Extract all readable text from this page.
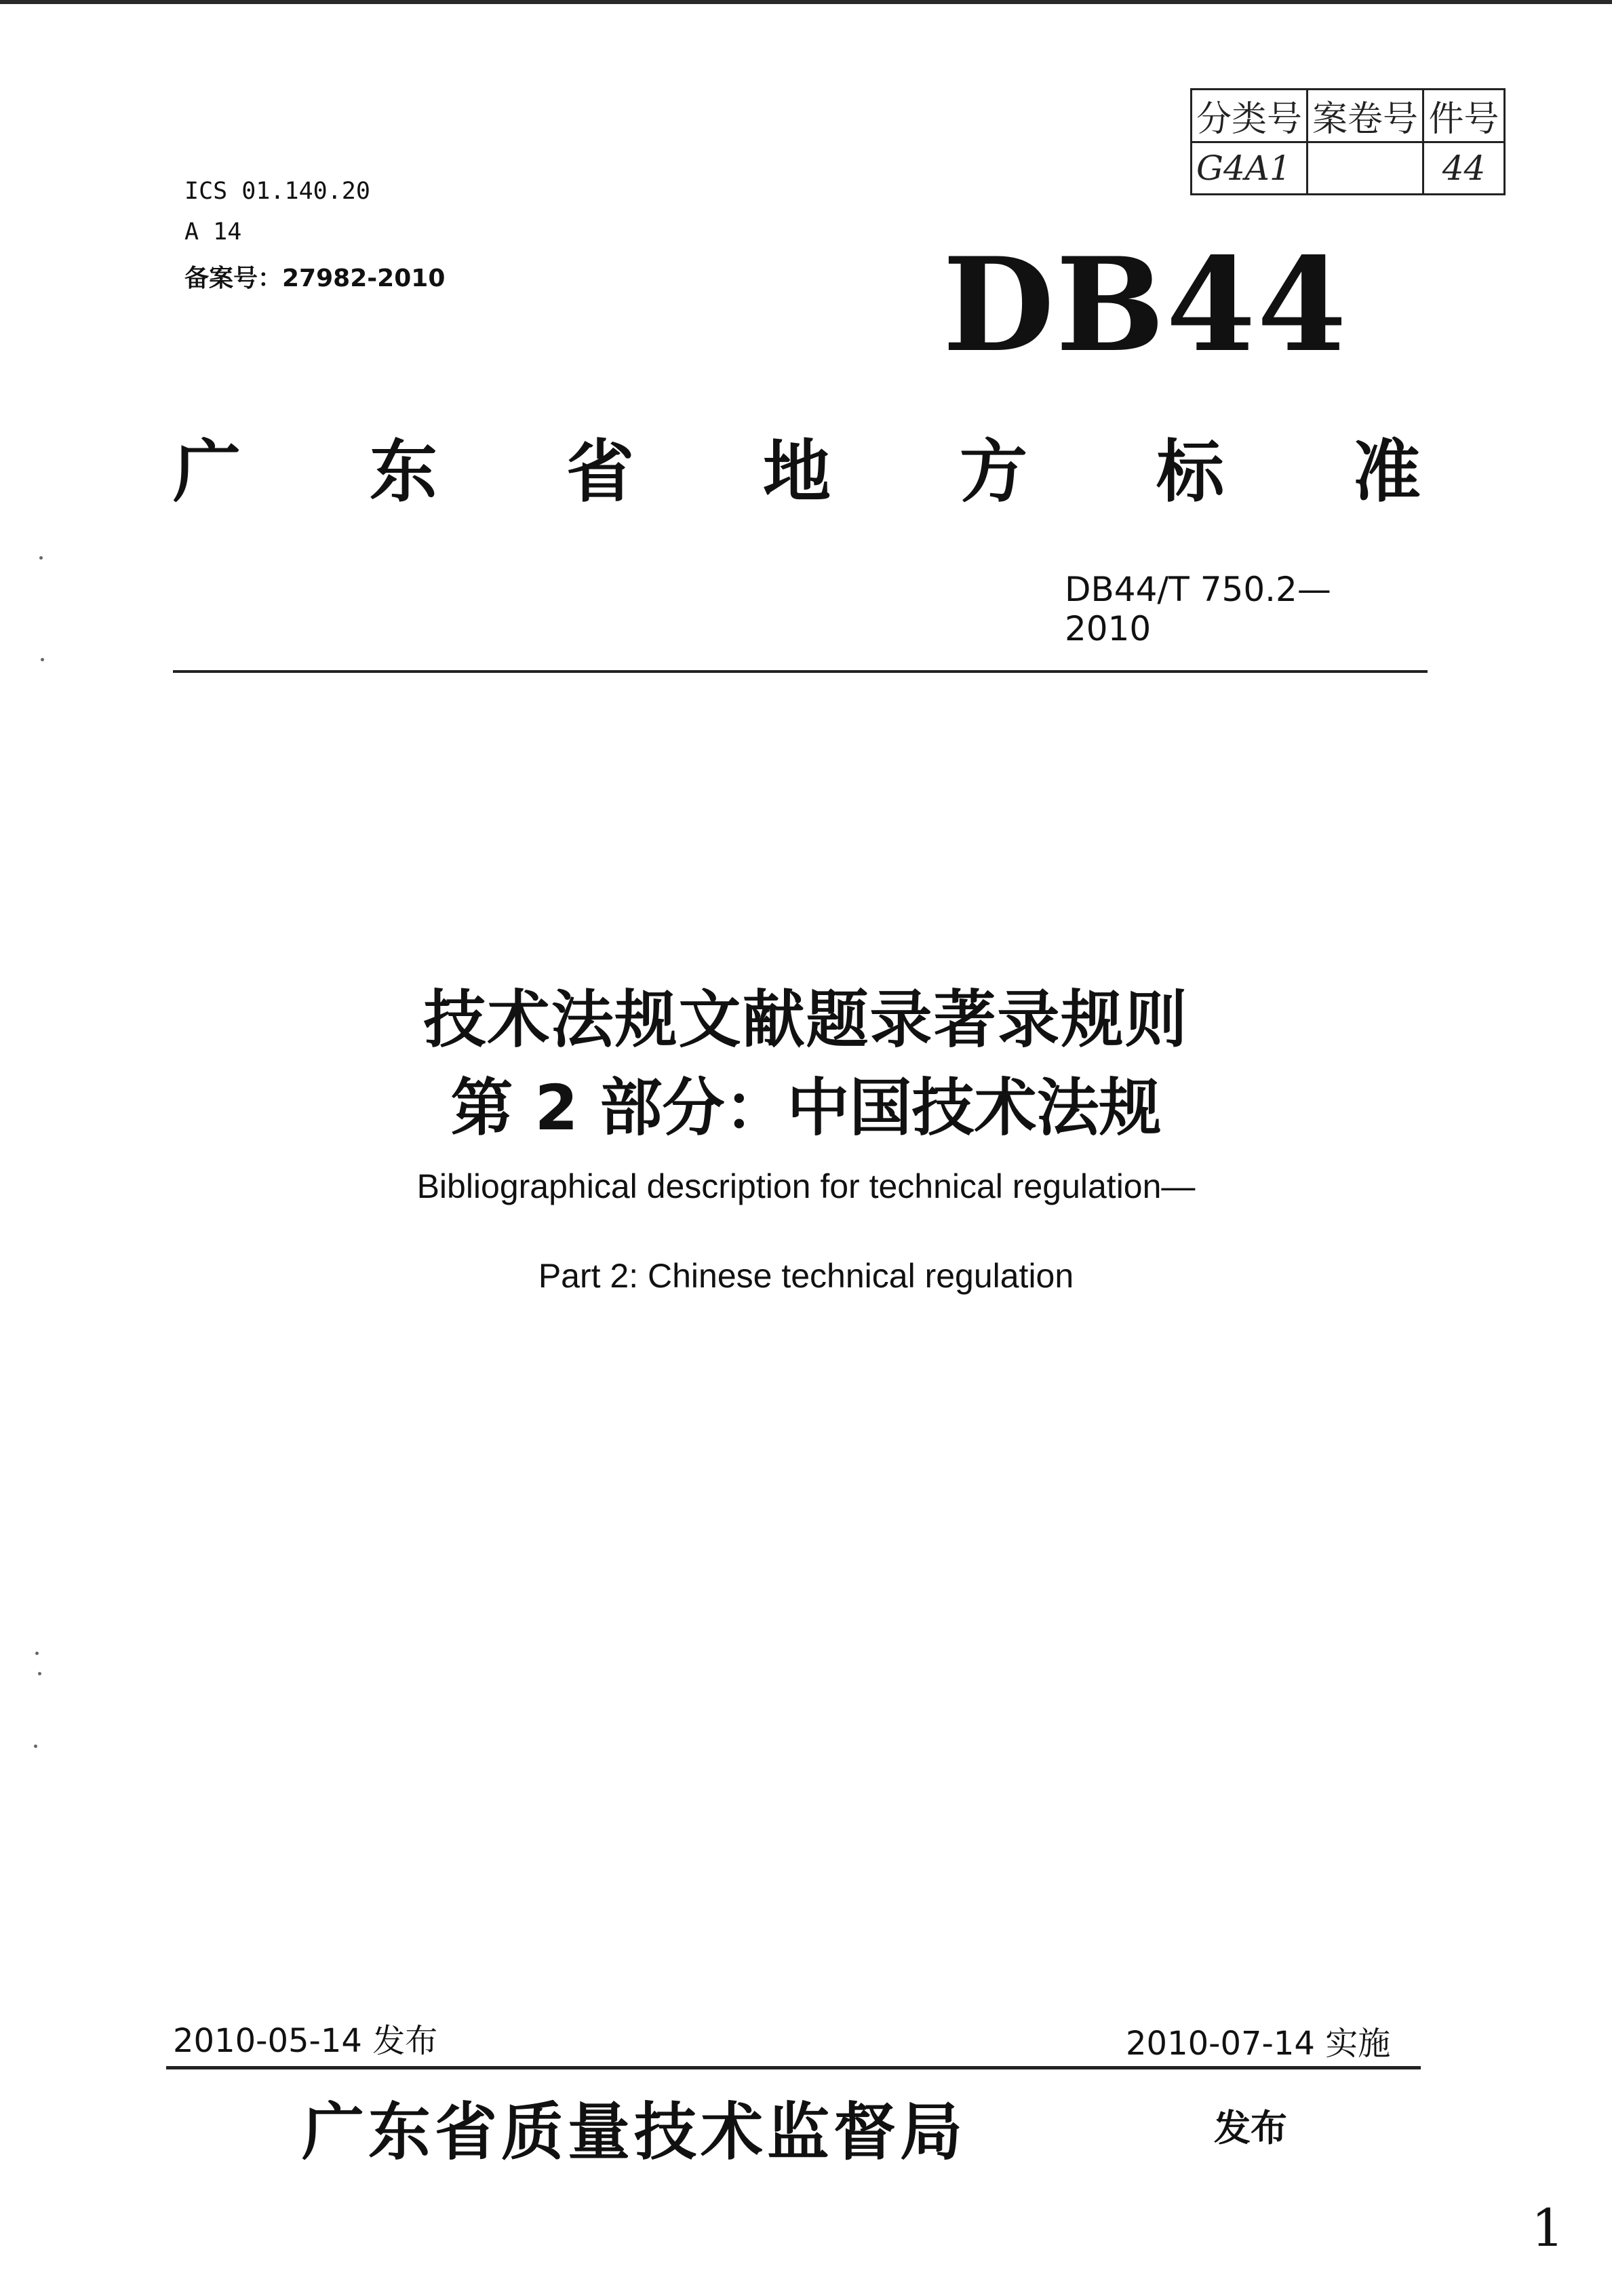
分类号	案卷号	件号
G4A1		44
ICS 01.140.20
A 14
备案号：27982-2010	DB44
广 东 省 地 方 标 准
DB44/T 750.2—2010
技术法规文献题录著录规则
第 2 部分：中国技术法规
Bibliographical description for technical regulation—
Part 2: Chinese technical regulation
2010-05-14 发布	2010-07-14 实施
广东省质量技术监督局	发布
1
